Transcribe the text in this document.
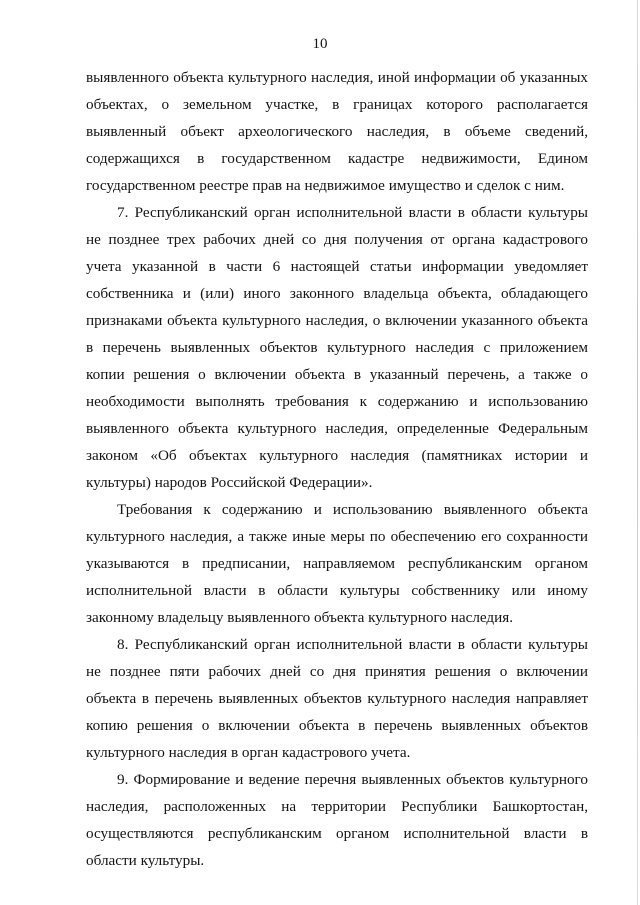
10

выявленного объекта культурного наследия, иной информации об указанных объектах, о земельном участке, в границах которого располагается выявленный объект археологического наследия, в объеме сведений, содержащихся в государственном кадастре недвижимости, Едином государственном реестре прав на недвижимое имущество и сделок с ним.

7. Республиканский орган исполнительной власти в области культуры не позднее трех рабочих дней со дня получения от органа кадастрового учета указанной в части 6 настоящей статьи информации уведомляет собственника и (или) иного законного владельца объекта, обладающего признаками объекта культурного наследия, о включении указанного объекта в перечень выявленных объектов культурного наследия с приложением копии решения о включении объекта в указанный перечень, а также о необходимости выполнять требования к содержанию и использованию выявленного объекта культурного наследия, определенные Федеральным законом «Об объектах культурного наследия (памятниках истории и культуры) народов Российской Федерации».

Требования к содержанию и использованию выявленного объекта культурного наследия, а также иные меры по обеспечению его сохранности указываются в предписании, направляемом республиканским органом исполнительной власти в области культуры собственнику или иному законному владельцу выявленного объекта культурного наследия.

8. Республиканский орган исполнительной власти в области культуры не позднее пяти рабочих дней со дня принятия решения о включении объекта в перечень выявленных объектов культурного наследия направляет копию решения о включении объекта в перечень выявленных объектов культурного наследия в орган кадастрового учета.

9. Формирование и ведение перечня выявленных объектов культурного наследия, расположенных на территории Республики Башкортостан, осуществляются республиканским органом исполнительной власти в области культуры.
